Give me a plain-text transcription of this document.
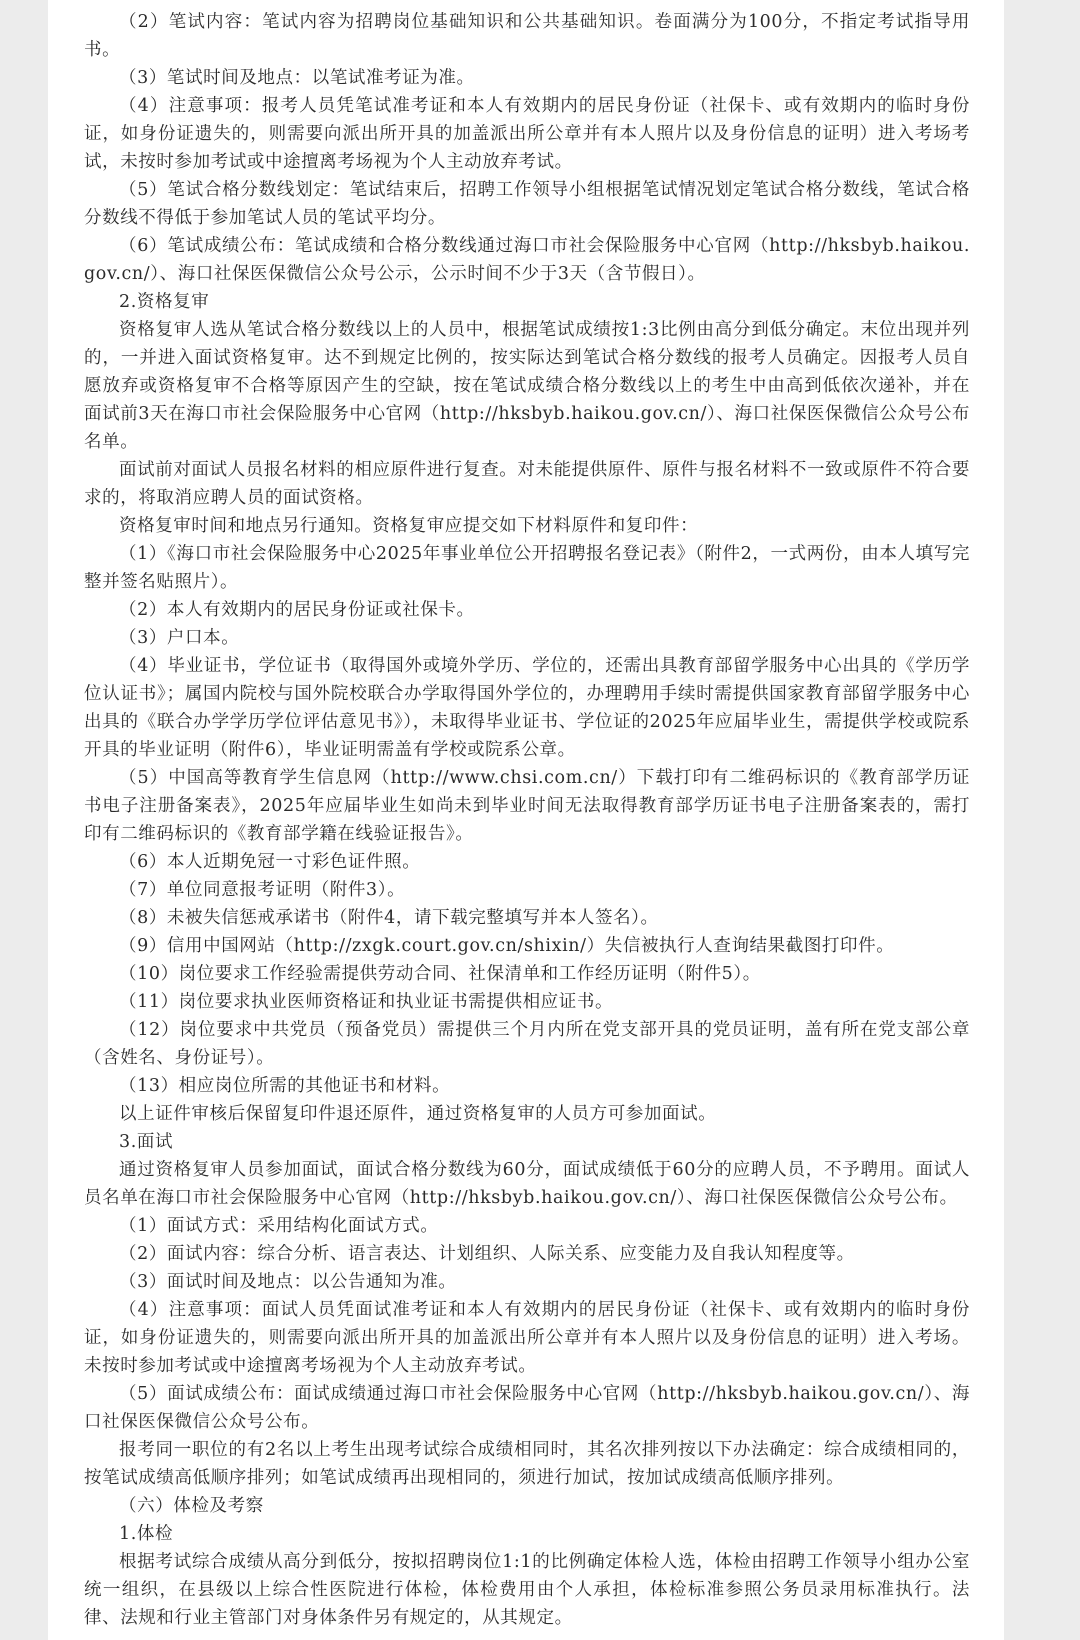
（2）笔试内容：笔试内容为招聘岗位基础知识和公共基础知识。卷面满分为100分，不指定考试指导用书。

（3）笔试时间及地点：以笔试准考证为准。

（4）注意事项：报考人员凭笔试准考证和本人有效期内的居民身份证（社保卡、或有效期内的临时身份证，如身份证遗失的，则需要向派出所开具的加盖派出所公章并有本人照片以及身份信息的证明）进入考场考试，未按时参加考试或中途擅离考场视为个人主动放弃考试。

（5）笔试合格分数线划定：笔试结束后，招聘工作领导小组根据笔试情况划定笔试合格分数线，笔试合格分数线不得低于参加笔试人员的笔试平均分。

（6）笔试成绩公布：笔试成绩和合格分数线通过海口市社会保险服务中心官网（http://hksbyb.haikou.gov.cn/）、海口社保医保微信公众号公示，公示时间不少于3天（含节假日）。

2.资格复审

资格复审人选从笔试合格分数线以上的人员中，根据笔试成绩按1:3比例由高分到低分确定。末位出现并列的，一并进入面试资格复审。达不到规定比例的，按实际达到笔试合格分数线的报考人员确定。因报考人员自愿放弃或资格复审不合格等原因产生的空缺，按在笔试成绩合格分数线以上的考生中由高到低依次递补，并在面试前3天在海口市社会保险服务中心官网（http://hksbyb.haikou.gov.cn/）、海口社保医保微信公众号公布名单。

面试前对面试人员报名材料的相应原件进行复查。对未能提供原件、原件与报名材料不一致或原件不符合要求的，将取消应聘人员的面试资格。

资格复审时间和地点另行通知。资格复审应提交如下材料原件和复印件：

（1）《海口市社会保险服务中心2025年事业单位公开招聘报名登记表》（附件2，一式两份，由本人填写完整并签名贴照片）。

（2）本人有效期内的居民身份证或社保卡。

（3）户口本。

（4）毕业证书，学位证书（取得国外或境外学历、学位的，还需出具教育部留学服务中心出具的《学历学位认证书》；属国内院校与国外院校联合办学取得国外学位的，办理聘用手续时需提供国家教育部留学服务中心出具的《联合办学学历学位评估意见书》），未取得毕业证书、学位证的2025年应届毕业生，需提供学校或院系开具的毕业证明（附件6），毕业证明需盖有学校或院系公章。

（5）中国高等教育学生信息网（http://www.chsi.com.cn/）下载打印有二维码标识的《教育部学历证书电子注册备案表》，2025年应届毕业生如尚未到毕业时间无法取得教育部学历证书电子注册备案表的，需打印有二维码标识的《教育部学籍在线验证报告》。

（6）本人近期免冠一寸彩色证件照。

（7）单位同意报考证明（附件3）。

（8）未被失信惩戒承诺书（附件4，请下载完整填写并本人签名）。

（9）信用中国网站（http://zxgk.court.gov.cn/shixin/）失信被执行人查询结果截图打印件。

（10）岗位要求工作经验需提供劳动合同、社保清单和工作经历证明（附件5）。

（11）岗位要求执业医师资格证和执业证书需提供相应证书。

（12）岗位要求中共党员（预备党员）需提供三个月内所在党支部开具的党员证明，盖有所在党支部公章（含姓名、身份证号）。

（13）相应岗位所需的其他证书和材料。

以上证件审核后保留复印件退还原件，通过资格复审的人员方可参加面试。

3.面试

通过资格复审人员参加面试，面试合格分数线为60分，面试成绩低于60分的应聘人员，不予聘用。面试人员名单在海口市社会保险服务中心官网（http://hksbyb.haikou.gov.cn/）、海口社保医保微信公众号公布。

（1）面试方式：采用结构化面试方式。

（2）面试内容：综合分析、语言表达、计划组织、人际关系、应变能力及自我认知程度等。

（3）面试时间及地点：以公告通知为准。

（4）注意事项：面试人员凭面试准考证和本人有效期内的居民身份证（社保卡、或有效期内的临时身份证，如身份证遗失的，则需要向派出所开具的加盖派出所公章并有本人照片以及身份信息的证明）进入考场。未按时参加考试或中途擅离考场视为个人主动放弃考试。

（5）面试成绩公布：面试成绩通过海口市社会保险服务中心官网（http://hksbyb.haikou.gov.cn/）、海口社保医保微信公众号公布。

报考同一职位的有2名以上考生出现考试综合成绩相同时，其名次排列按以下办法确定：综合成绩相同的，按笔试成绩高低顺序排列；如笔试成绩再出现相同的，须进行加试，按加试成绩高低顺序排列。

（六）体检及考察

1.体检

根据考试综合成绩从高分到低分，按拟招聘岗位1:1的比例确定体检人选，体检由招聘工作领导小组办公室统一组织，在县级以上综合性医院进行体检，体检费用由个人承担，体检标准参照公务员录用标准执行。法律、法规和行业主管部门对身体条件另有规定的，从其规定。
